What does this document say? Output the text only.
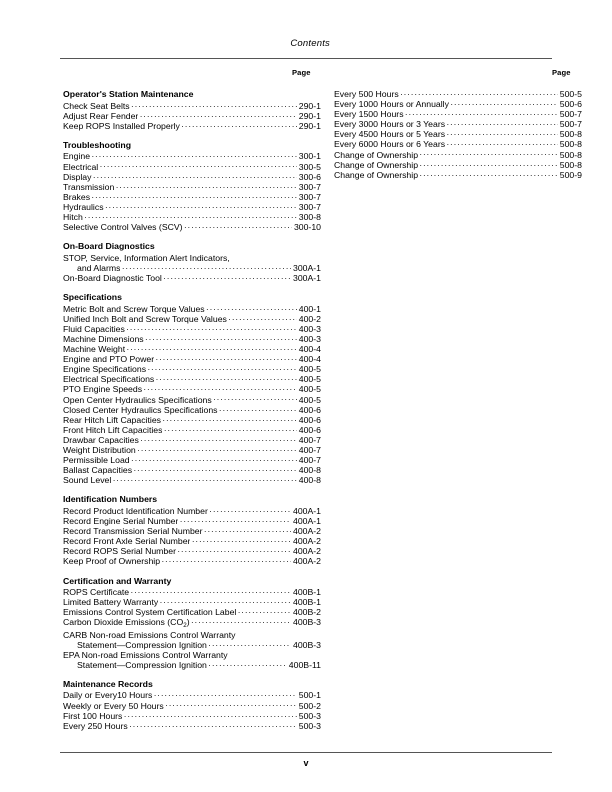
Contents
Page	Page
Operator's Station Maintenance
Check Seat Belts .....	290-1
Adjust Rear Fender .....	290-1
Keep ROPS Installed Properly .....	290-1
Troubleshooting
Engine .....	300-1
Electrical .....	300-5
Display .....	300-6
Transmission .....	300-7
Brakes .....	300-7
Hydraulics .....	300-7
Hitch .....	300-8
Selective Control Valves (SCV) .....	300-10
On-Board Diagnostics
STOP, Service, Information Alert Indicators,
and Alarms .....	300A-1
On-Board Diagnostic Tool .....	300A-1
Specifications
Metric Bolt and Screw Torque Values .....	400-1
Unified Inch Bolt and Screw Torque Values .....	400-2
Fluid Capacities .....	400-3
Machine Dimensions .....	400-3
Machine Weight .....	400-4
Engine and PTO Power .....	400-4
Engine Specifications .....	400-5
Electrical Specifications .....	400-5
PTO Engine Speeds .....	400-5
Open Center Hydraulics Specifications .....	400-5
Closed Center Hydraulics Specifications .....	400-6
Rear Hitch Lift Capacities .....	400-6
Front Hitch Lift Capacities .....	400-6
Drawbar Capacities .....	400-7
Weight Distribution .....	400-7
Permissible Load .....	400-7
Ballast Capacities .....	400-8
Sound Level .....	400-8
Identification Numbers
Record Product Identification Number .....	400A-1
Record Engine Serial Number .....	400A-1
Record Transmission Serial Number .....	400A-2
Record Front Axle Serial Number .....	400A-2
Record ROPS Serial Number .....	400A-2
Keep Proof of Ownership .....	400A-2
Certification and Warranty
ROPS Certificate .....	400B-1
Limited Battery Warranty .....	400B-1
Emissions Control System Certification Label .....	400B-2
Carbon Dioxide Emissions $(CO_2)$ .....	400B-3
CARB Non-road Emissions Control Warranty
Statement—Compression Ignition .....	400B-3
EPA Non-road Emissions Control Warranty
Statement—Compression Ignition .....	400B-11
Maintenance Records
Daily or Every10 Hours .....	500-1
Weekly or Every 50 Hours .....	500-2
First 100 Hours .....	500-3
Every 250 Hours .....	500-3
Every 500 Hours .....	500-5
Every 1000 Hours or Annually .....	500-6
Every 1500 Hours .....	500-7
Every 3000 Hours or 3 Years .....	500-7
Every 4500 Hours or 5 Years .....	500-8
Every 6000 Hours or 6 Years .....	500-8
Change of Ownership .....	500-8
Change of Ownership .....	500-8
Change of Ownership .....	500-9
v
